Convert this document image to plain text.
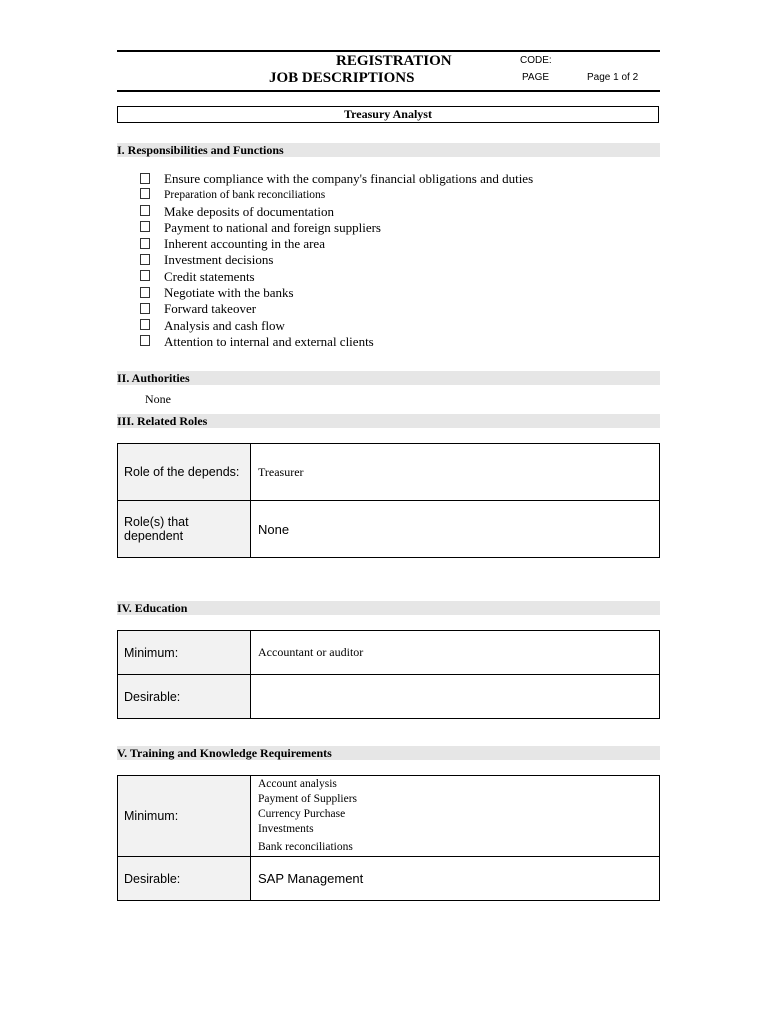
REGISTRATION
JOB DESCRIPTIONS
CODE:
PAGE	Page 1 of 2
Treasury Analyst
I. Responsibilities and Functions
Ensure compliance with the company's financial obligations and duties
Preparation of bank reconciliations
Make deposits of documentation
Payment to national and foreign suppliers
Inherent accounting in the area
Investment decisions
Credit statements
Negotiate with the banks
Forward takeover
Analysis and cash flow
Attention to internal and external clients
II. Authorities
None
III. Related Roles
Role of the depends:	Treasurer
Role(s) that dependent	None
IV. Education
Minimum:	Accountant or auditor
Desirable:	
V. Training and Knowledge Requirements
Minimum:	Account analysis
Payment of Suppliers
Currency Purchase
Investments
Bank reconciliations

Desirable:	SAP Management
